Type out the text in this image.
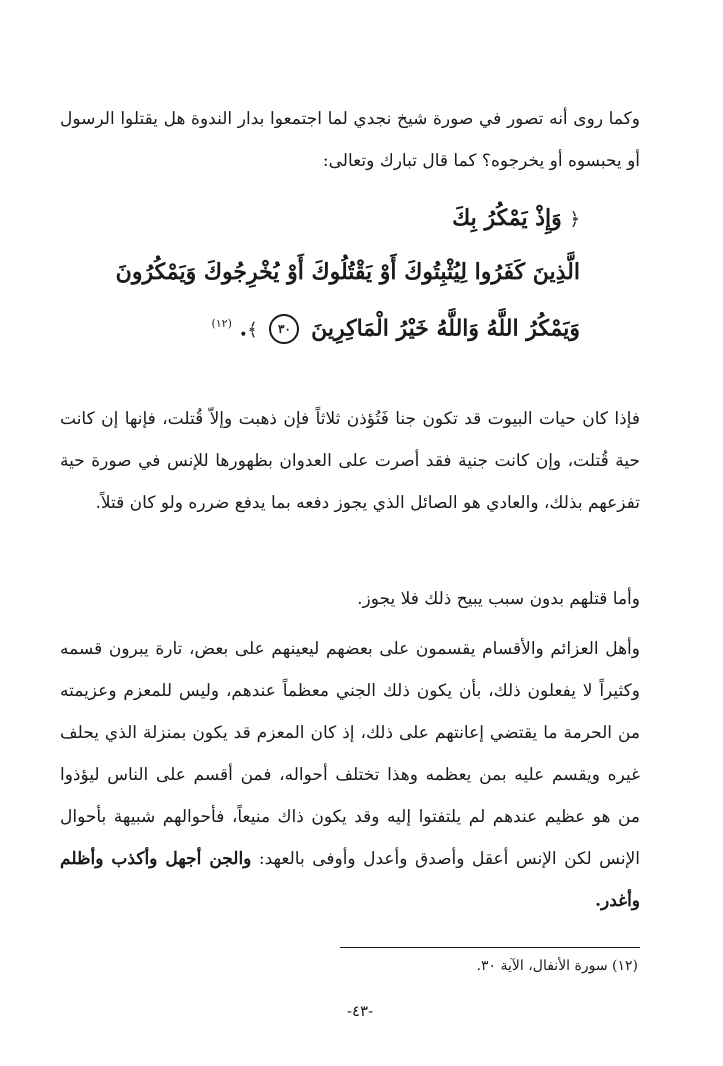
وكما روى أنه تصور في صورة شيخ نجدي لما اجتمعوا بدار الندوة هل يقتلوا الرسول أو يحبسوه أو يخرجوه؟ كما قال تبارك وتعالى:

﴿ وَإِذْ يَمْكُرُ بِكَ
الَّذِينَ كَفَرُوا لِيُثْبِتُوكَ أَوْ يَقْتُلُوكَ أَوْ يُخْرِجُوكَ وَيَمْكُرُونَ
وَيَمْكُرُ اللَّهُ وَاللَّهُ خَيْرُ الْمَاكِرِينَ ٣٠ ﴾. $^{(١٢)}$

فإذا كان حيات البيوت قد تكون جنا فَتُؤذن ثلاثاً فإن ذهبت وإلاّ قُتلت، فإنها إن كانت حية قُتلت، وإن كانت جنية فقد أصرت على العدوان بظهورها للإنس في صورة حية تفزعهم بذلك، والعادي هو الصائل الذي يجوز دفعه بما يدفع ضرره ولو كان قتلاً.

وأما قتلهم بدون سبب يبيح ذلك فلا يجوز.

وأهل العزائم والأقسام يقسمون على بعضهم ليعينهم على بعض، تارة يبرون قسمه وكثيراً لا يفعلون ذلك، بأن يكون ذلك الجني معظماً عندهم، وليس للمعزم وعزيمته من الحرمة ما يقتضي إعانتهم على ذلك، إذ كان المعزم قد يكون بمنزلة الذي يحلف غيره ويقسم عليه بمن يعظمه وهذا تختلف أحواله، فمن أقسم على الناس ليؤذوا من هو عظيم عندهم لم يلتفتوا إليه وقد يكون ذاك منيعاً، فأحوالهم شبيهة بأحوال الإنس لكن الإنس أعقل وأصدق وأعدل وأوفى بالعهد: والجن أجهل وأكذب وأظلم وأغدر.

(١٢) سورة الأنفال، الآية ٣٠.
-٤٣-
